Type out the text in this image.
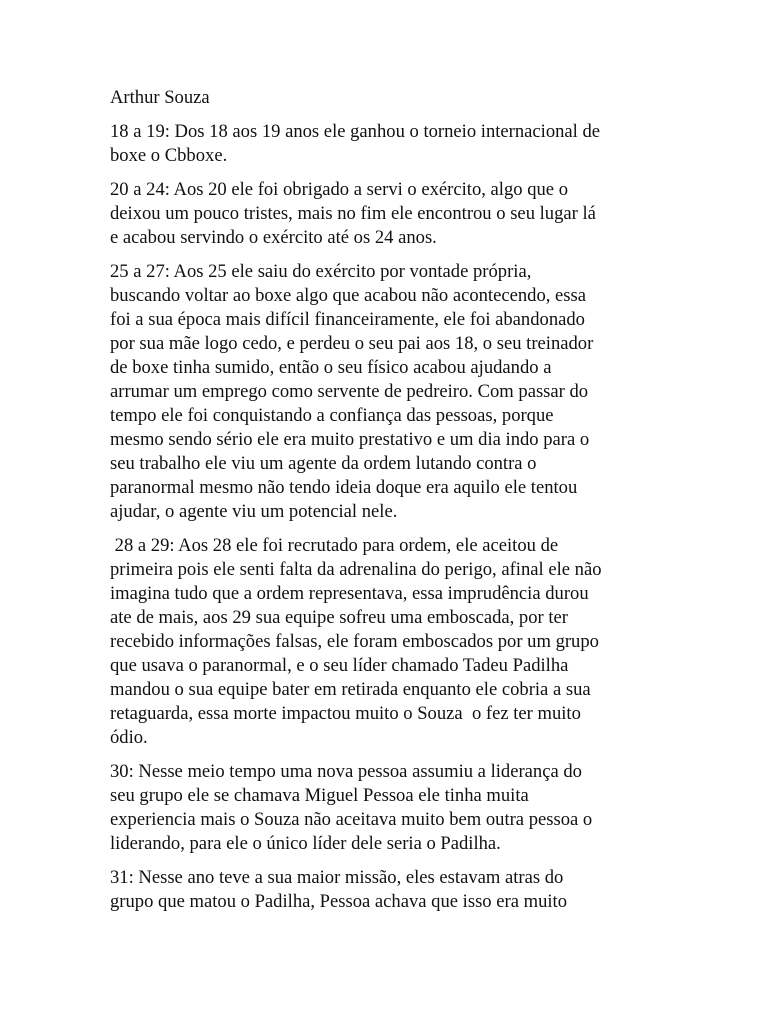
Arthur Souza
18 a 19: Dos 18 aos 19 anos ele ganhou o torneio internacional de
boxe o Cbboxe.
20 a 24: Aos 20 ele foi obrigado a servi o exército, algo que o
deixou um pouco tristes, mais no fim ele encontrou o seu lugar lá
e acabou servindo o exército até os 24 anos.
25 a 27: Aos 25 ele saiu do exército por vontade própria,
buscando voltar ao boxe algo que acabou não acontecendo, essa
foi a sua época mais difícil financeiramente, ele foi abandonado
por sua mãe logo cedo, e perdeu o seu pai aos 18, o seu treinador
de boxe tinha sumido, então o seu físico acabou ajudando a
arrumar um emprego como servente de pedreiro. Com passar do
tempo ele foi conquistando a confiança das pessoas, porque
mesmo sendo sério ele era muito prestativo e um dia indo para o
seu trabalho ele viu um agente da ordem lutando contra o
paranormal mesmo não tendo ideia doque era aquilo ele tentou
ajudar, o agente viu um potencial nele.
28 a 29: Aos 28 ele foi recrutado para ordem, ele aceitou de
primeira pois ele senti falta da adrenalina do perigo, afinal ele não
imagina tudo que a ordem representava, essa imprudência durou
ate de mais, aos 29 sua equipe sofreu uma emboscada, por ter
recebido informações falsas, ele foram emboscados por um grupo
que usava o paranormal, e o seu líder chamado Tadeu Padilha
mandou o sua equipe bater em retirada enquanto ele cobria a sua
retaguarda, essa morte impactou muito o Souza  o fez ter muito
ódio.
30: Nesse meio tempo uma nova pessoa assumiu a liderança do
seu grupo ele se chamava Miguel Pessoa ele tinha muita
experiencia mais o Souza não aceitava muito bem outra pessoa o
liderando, para ele o único líder dele seria o Padilha.
31: Nesse ano teve a sua maior missão, eles estavam atras do
grupo que matou o Padilha, Pessoa achava que isso era muito
